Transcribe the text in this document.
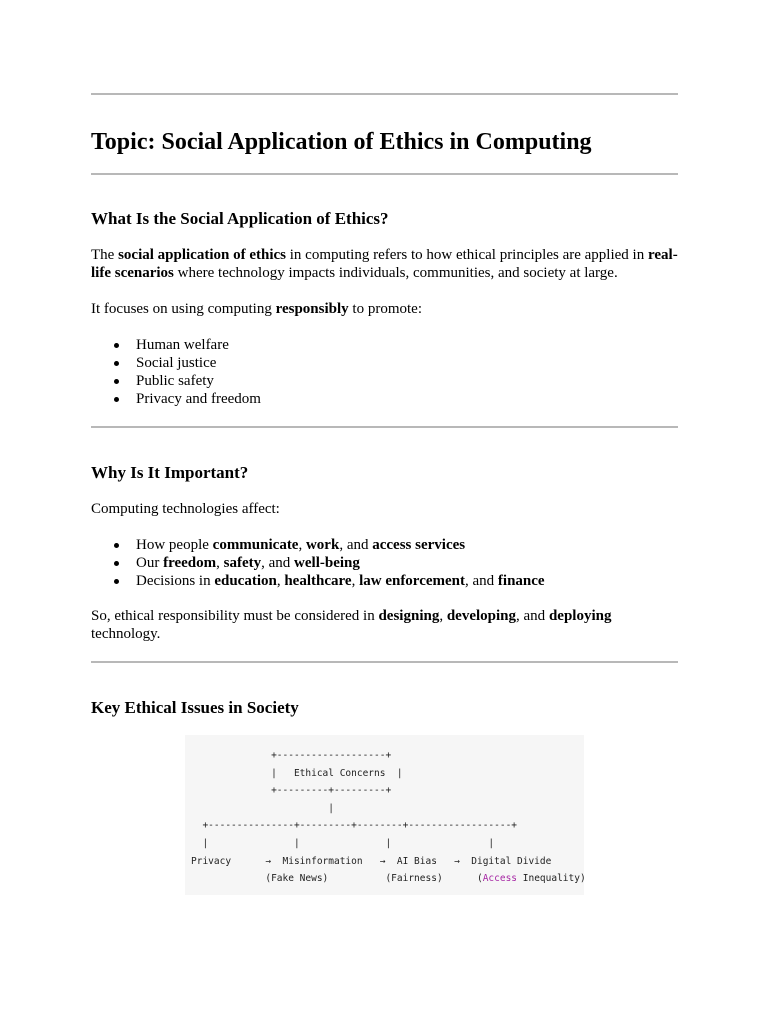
Topic: Social Application of Ethics in Computing
What Is the Social Application of Ethics?

The social application of ethics in computing refers to how ethical principles are applied in real-life scenarios where technology impacts individuals, communities, and society at large.

It focuses on using computing responsibly to promote:

Human welfare
Social justice
Public safety
Privacy and freedom
Why Is It Important?

Computing technologies affect:

How people communicate, work, and access services
Our freedom, safety, and well-being
Decisions in education, healthcare, law enforcement, and finance

So, ethical responsibility must be considered in designing, developing, and deploying technology.

Key Ethical Issues in Society
+-------------------+
|   Ethical Concerns  |
+---------+---------+
|
+---------------+---------+--------+------------------+
|               |               |                 |
Privacy      →  Misinformation   →  AI Bias   →  Digital Divide
(Fake News)          (Fairness)      (Access Inequality)
